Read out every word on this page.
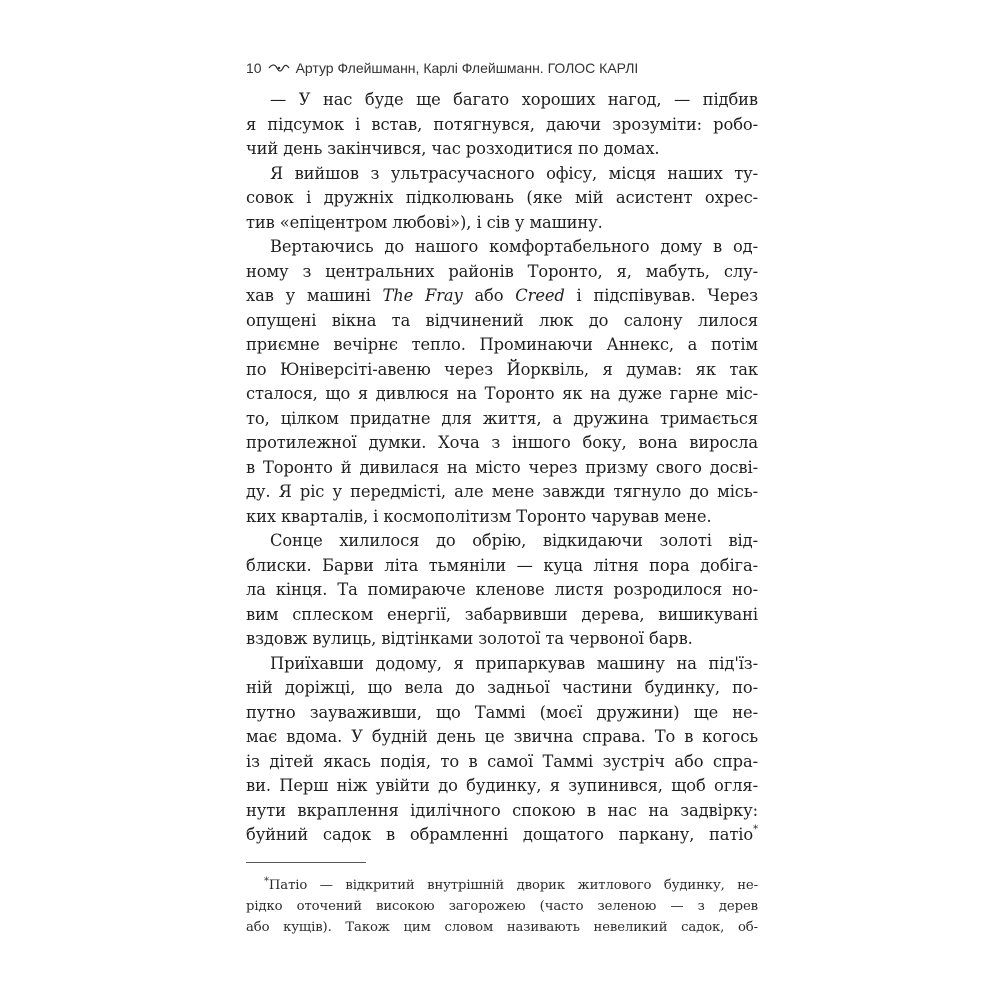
10 Артур Флейшманн, Карлі Флейшманн. ГОЛОС КАРЛІ
— У нас буде ще багато хороших нагод, — підбив
я підсумок і встав, потягнувся, даючи зрозуміти: робо-
чий день закінчився, час розходитися по домах.
Я вийшов з ультрасучасного офісу, місця наших ту-
совок і дружніх підколювань (яке мій асистент охрес-
тив «епіцентром любові»), і сів у машину.
Вертаючись до нашого комфортабельного дому в од-
ному з центральних районів Торонто, я, мабуть, слу-
хав у машині The Fray або Creed і підспівував. Через
опущені вікна та відчинений люк до салону лилося
приємне вечірнє тепло. Проминаючи Аннекс, а потім
по Юніверсіті-авеню через Йорквіль, я думав: як так
сталося, що я дивлюся на Торонто як на дуже гарне міс-
то, цілком придатне для життя, а дружина тримається
протилежної думки. Хоча з іншого боку, вона виросла
в Торонто й дивилася на місто через призму свого досві-
ду. Я ріс у передмісті, але мене завжди тягнуло до місь-
ких кварталів, і космополітизм Торонто чарував мене.
Сонце хилилося до обрію, відкидаючи золоті від-
блиски. Барви літа тьмяніли — куца літня пора добіга-
ла кінця. Та помираюче кленове листя розродилося но-
вим сплеском енергії, забарвивши дерева, вишикувані
вздовж вулиць, відтінками золотої та червоної барв.
Приїхавши додому, я припаркував машину на під'їз-
ній доріжці, що вела до задньої частини будинку, по-
путно зауваживши, що Таммі (моєї дружини) ще не-
має вдома. У будній день це звична справа. То в когось
із дітей якась подія, то в самої Таммі зустріч або спра-
ви. Перш ніж увійти до будинку, я зупинився, щоб огля-
нути вкраплення ідилічного спокою в нас на задвірку:
буйний садок в обрамленні дощатого паркану, патіо*
*Патіо — відкритий внутрішній дворик житлового будинку, не-
рідко оточений високою загорожею (часто зеленою — з дерев
або кущів). Також цим словом називають невеликий садок, об-
